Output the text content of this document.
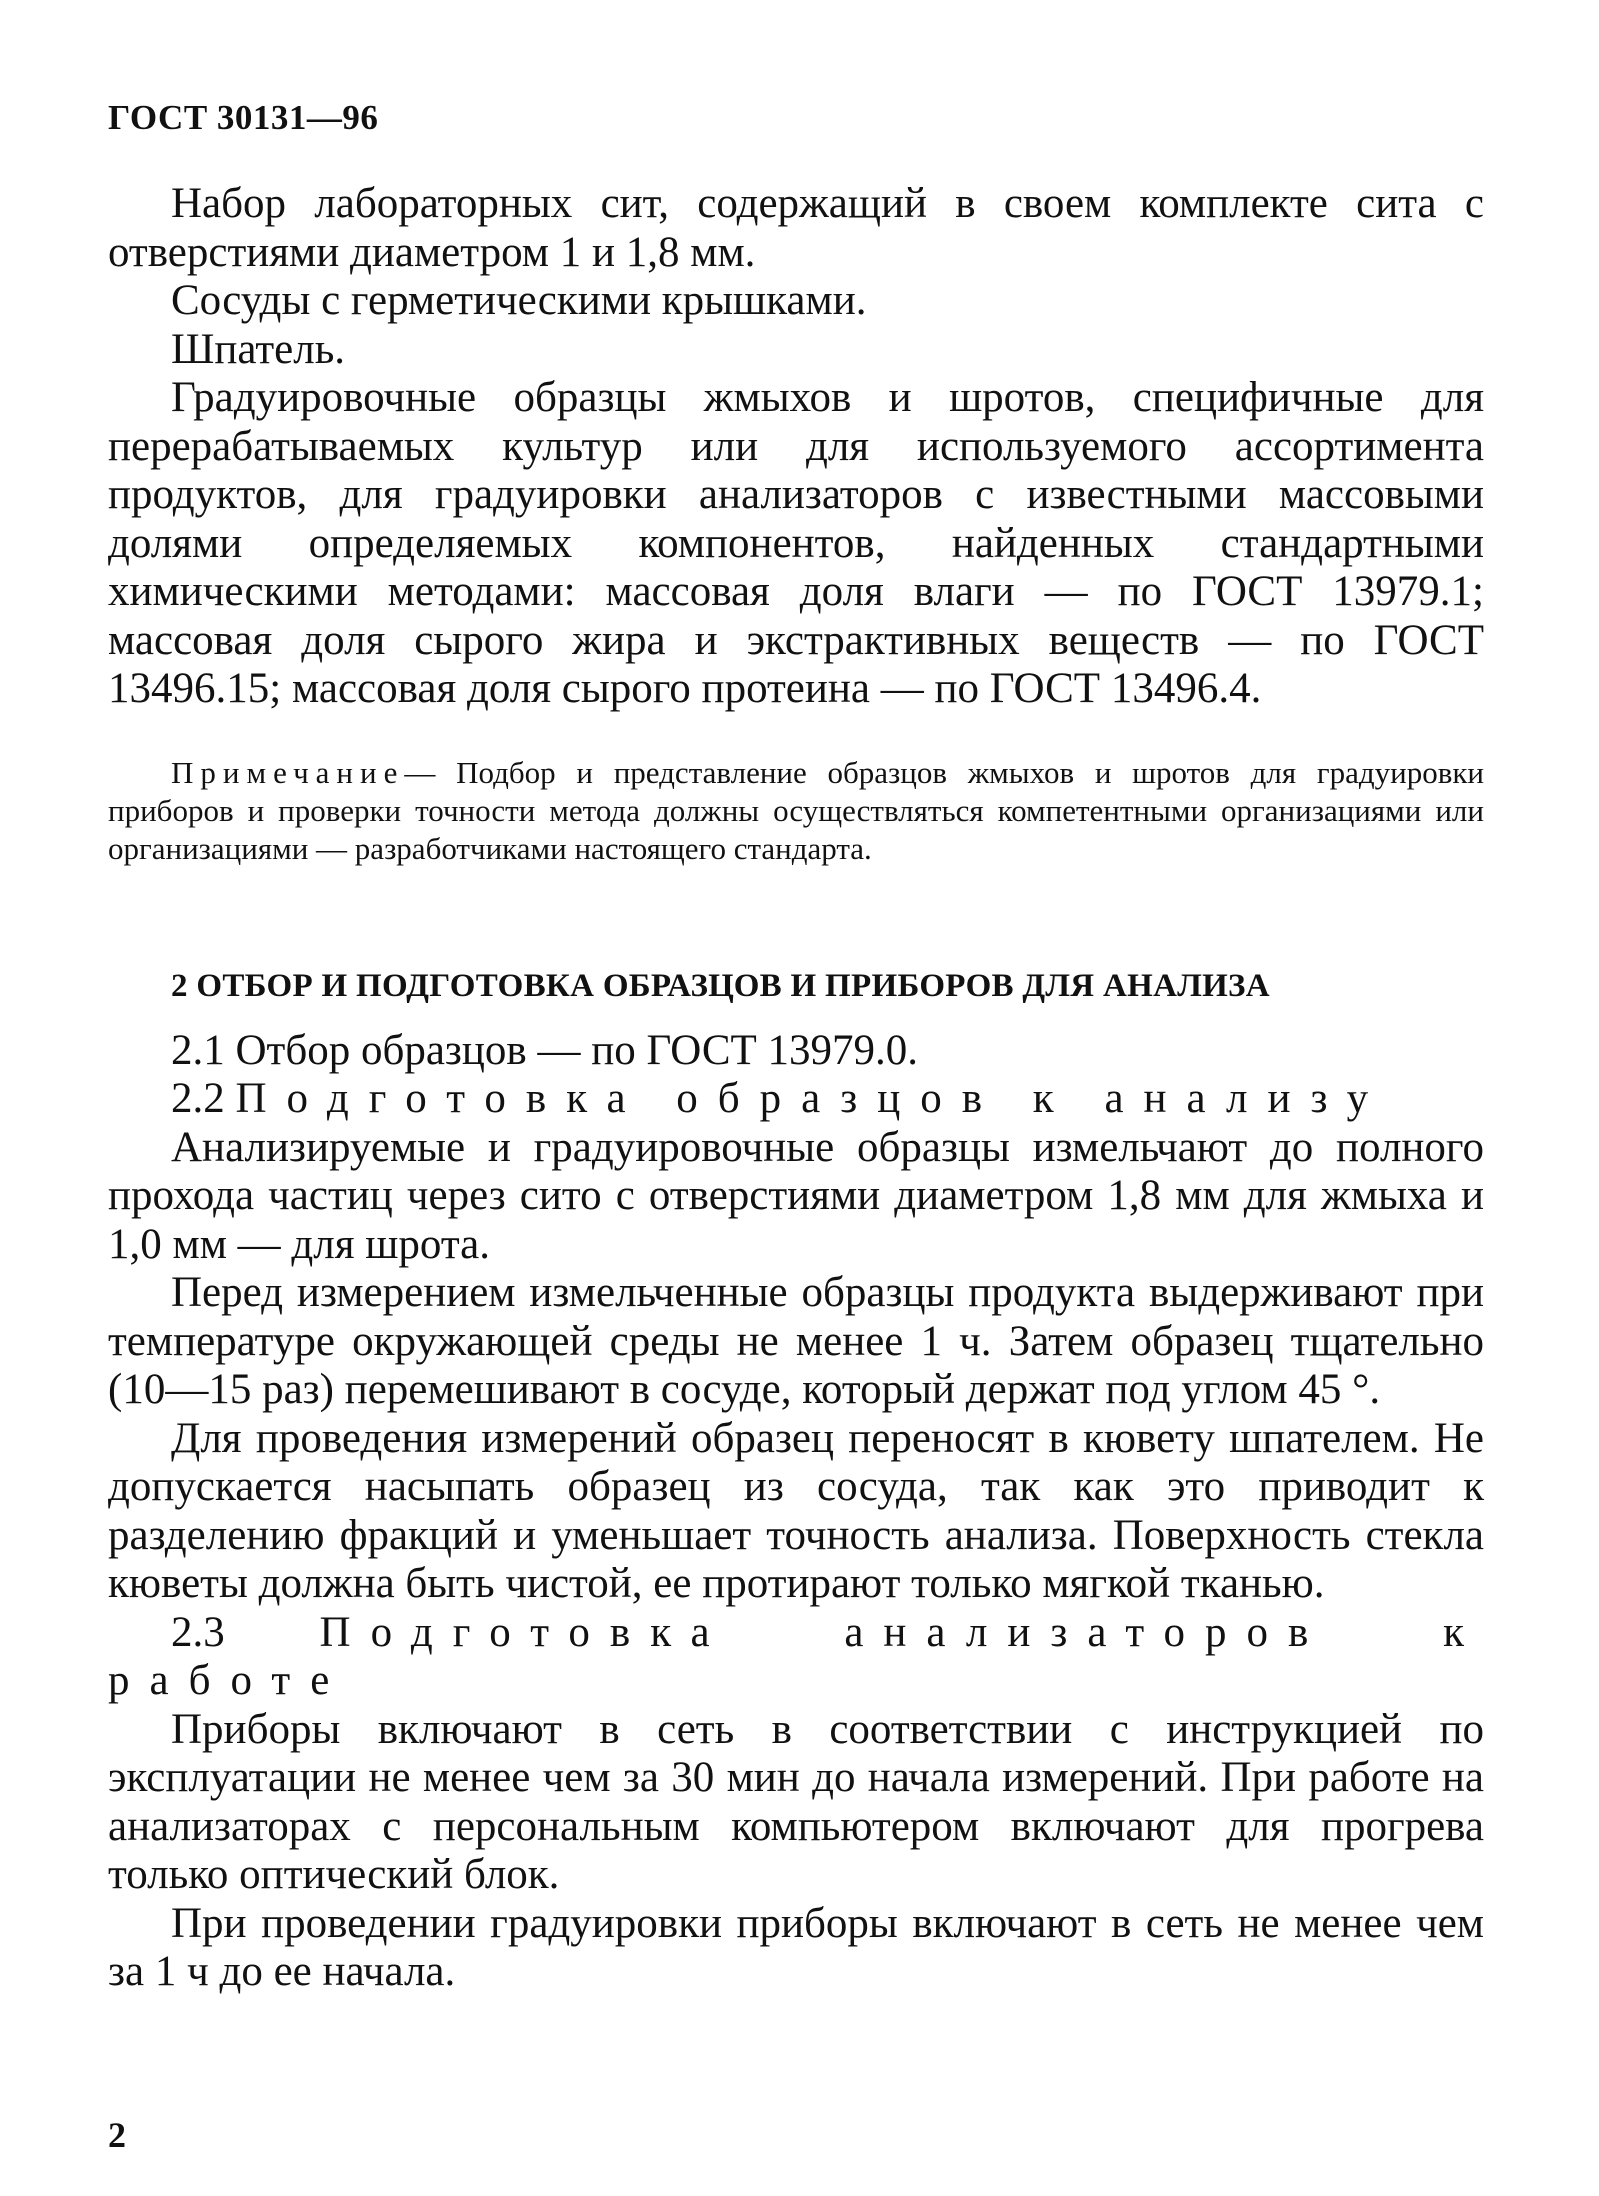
ГОСТ 30131—96

Набор лабораторных сит, содержащий в своем комплекте сита с отверстиями диаметром 1 и 1,8 мм.

Сосуды с герметическими крышками.

Шпатель.

Градуировочные образцы жмыхов и шротов, специфичные для перерабатываемых культур или для используемого ассортимента продуктов, для градуировки анализаторов с известными массовыми долями определяемых компонентов, найденных стандартными химическими методами: массовая доля влаги — по ГОСТ 13979.1; массовая доля сырого жира и экстрактивных веществ — по ГОСТ 13496.15; массовая доля сырого протеина — по ГОСТ 13496.4.

Примечание— Подбор и представление образцов жмыхов и шротов для градуировки приборов и проверки точности метода должны осуществляться компетентными организациями или организациями — разработчиками настоящего стандарта.

2 ОТБОР И ПОДГОТОВКА ОБРАЗЦОВ И ПРИБОРОВ ДЛЯ АНАЛИЗА

2.1 Отбор образцов — по ГОСТ 13979.0.

2.2 Подготовка образцов к анализу

Анализируемые и градуировочные образцы измельчают до полного прохода частиц через сито с отверстиями диаметром 1,8 мм для жмыха и 1,0 мм — для шрота.

Перед измерением измельченные образцы продукта выдерживают при температуре окружающей среды не менее 1 ч. Затем образец тщательно (10—15 раз) перемешивают в сосуде, который держат под углом 45 °.

Для проведения измерений образец переносят в кювету шпателем. Не допускается насыпать образец из сосуда, так как это приводит к разделению фракций и уменьшает точность анализа. Поверхность стекла кюветы должна быть чистой, ее протирают только мягкой тканью.

2.3 Подготовка анализаторов к работе

Приборы включают в сеть в соответствии с инструкцией по эксплуатации не менее чем за 30 мин до начала измерений. При работе на анализаторах с персональным компьютером включают для прогрева только оптический блок.

При проведении градуировки приборы включают в сеть не менее чем за 1 ч до ее начала.

2
